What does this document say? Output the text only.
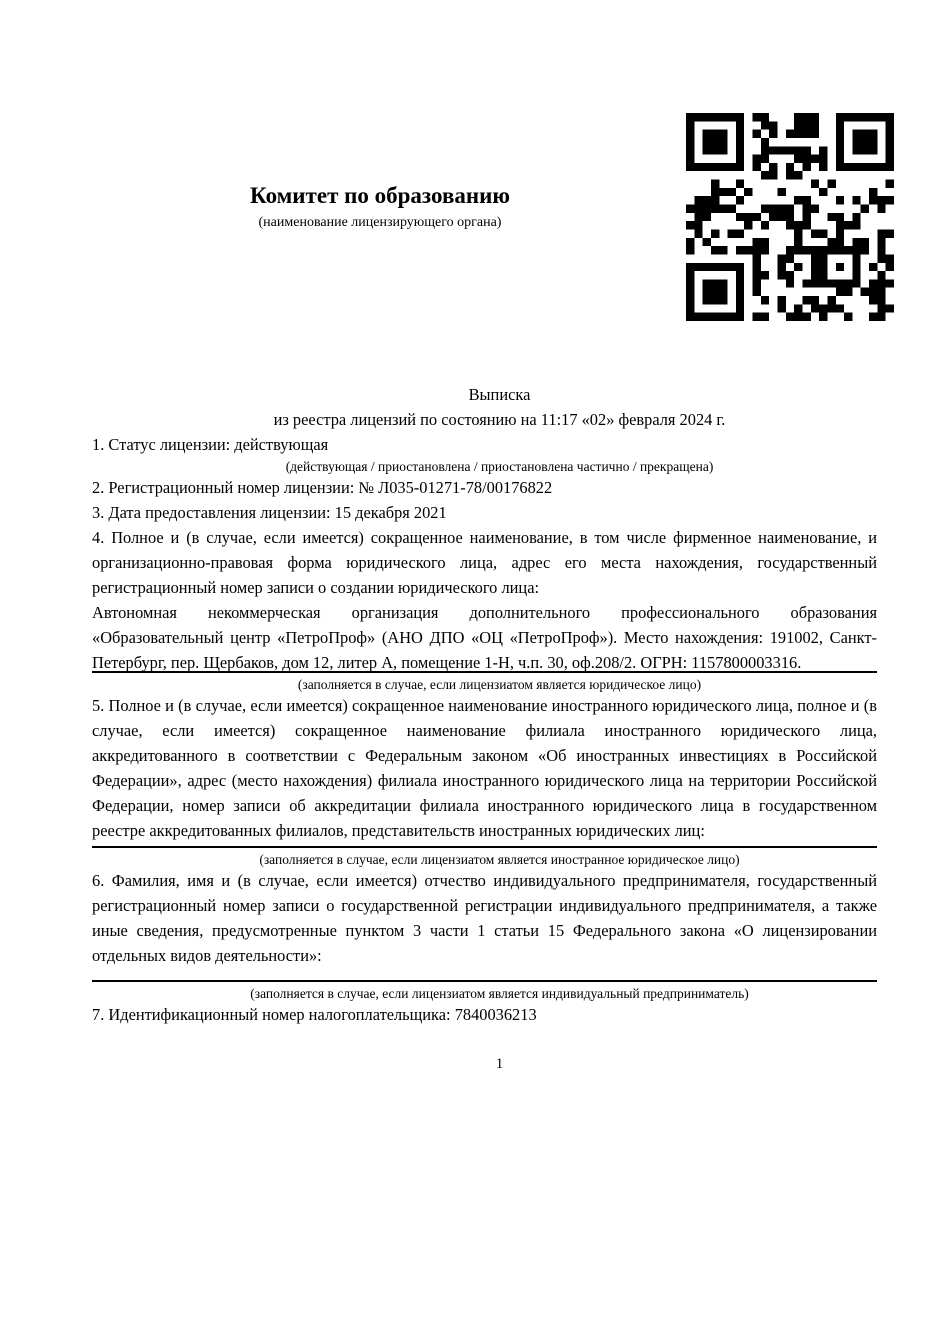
Комитет по образованию
(наименование лицензирующего органа)
Выписка
из реестра лицензий по состоянию на 11:17 «02» февраля 2024 г.

1. Статус лицензии: действующая

(действующая / приостановлена / приостановлена частично / прекращена)

2. Регистрационный номер лицензии: № Л035-01271-78/00176822

3. Дата предоставления лицензии: 15 декабря 2021

4. Полное и (в случае, если имеется) сокращенное наименование, в том числе фирменное наименование, и организационно-правовая форма юридического лица, адрес его места нахождения, государственный регистрационный номер записи о создании юридического лица:

Автономная некоммерческая организация дополнительного профессионального образования «Образовательный центр «ПетроПроф» (АНО ДПО «ОЦ «ПетроПроф»). Место нахождения: 191002, Санкт-Петербург, пер. Щербаков, дом 12, литер А, помещение 1-Н, ч.п. 30, оф.208/2. ОГРН: 1157800003316.

(заполняется в случае, если лицензиатом является юридическое лицо)

5. Полное и (в случае, если имеется) сокращенное наименование иностранного юридического лица, полное и (в случае, если имеется) сокращенное наименование филиала иностранного юридического лица, аккредитованного в соответствии с Федеральным законом «Об иностранных инвестициях в Российской Федерации», адрес (место нахождения) филиала иностранного юридического лица на территории Российской Федерации, номер записи об аккредитации филиала иностранного юридического лица в государственном реестре аккредитованных филиалов, представительств иностранных юридических лиц:

(заполняется в случае, если лицензиатом является иностранное юридическое лицо)

6. Фамилия, имя и (в случае, если имеется) отчество индивидуального предпринимателя, государственный регистрационный номер записи о государственной регистрации индивидуального предпринимателя, а также иные сведения, предусмотренные пунктом 3 части 1 статьи 15 Федерального закона «О лицензировании отдельных видов деятельности»:

(заполняется в случае, если лицензиатом является индивидуальный предприниматель)

7. Идентификационный номер налогоплательщика: 7840036213

1
